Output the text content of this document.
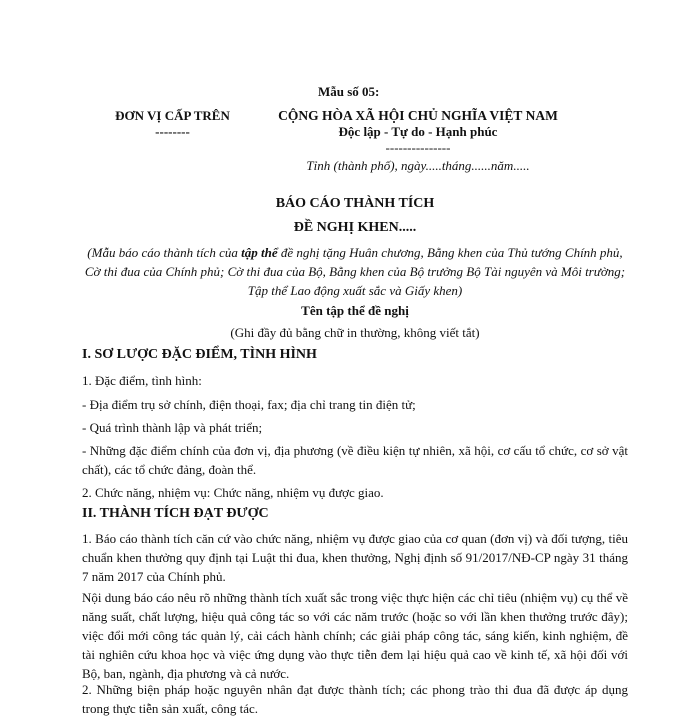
Mẫu số 05:
ĐƠN VỊ CẤP TRÊN
--------
CỘNG HÒA XÃ HỘI CHỦ NGHĨA VIỆT NAM
Độc lập - Tự do - Hạnh phúc
---------------
Tỉnh (thành phố), ngày.....tháng......năm.....
BÁO CÁO THÀNH TÍCH
ĐỀ NGHỊ KHEN.....
(Mẫu báo cáo thành tích của tập thể đề nghị tặng Huân chương, Bằng khen của Thủ tướng Chính phủ, Cờ thi đua của Chính phủ; Cờ thi đua của Bộ, Bằng khen của Bộ trưởng Bộ Tài nguyên và Môi trường; Tập thể Lao động xuất sắc và Giấy khen)
Tên tập thể đề nghị
(Ghi đầy đủ bằng chữ in thường, không viết tắt)
I. SƠ LƯỢC ĐẶC ĐIỂM, TÌNH HÌNH
1. Đặc điểm, tình hình:
- Địa điểm trụ sở chính, điện thoại, fax; địa chỉ trang tin điện tử;
- Quá trình thành lập và phát triển;
- Những đặc điểm chính của đơn vị, địa phương (về điều kiện tự nhiên, xã hội, cơ cấu tổ chức, cơ sở vật chất), các tổ chức đảng, đoàn thể.
2. Chức năng, nhiệm vụ: Chức năng, nhiệm vụ được giao.
II. THÀNH TÍCH ĐẠT ĐƯỢC
1. Báo cáo thành tích căn cứ vào chức năng, nhiệm vụ được giao của cơ quan (đơn vị) và đối tượng, tiêu chuẩn khen thưởng quy định tại Luật thi đua, khen thưởng, Nghị định số 91/2017/NĐ-CP ngày 31 tháng 7 năm 2017 của Chính phủ.
Nội dung báo cáo nêu rõ những thành tích xuất sắc trong việc thực hiện các chỉ tiêu (nhiệm vụ) cụ thể về năng suất, chất lượng, hiệu quả công tác so với các năm trước (hoặc so với lần khen thưởng trước đây); việc đổi mới công tác quản lý, cải cách hành chính; các giải pháp công tác, sáng kiến, kinh nghiệm, đề tài nghiên cứu khoa học và việc ứng dụng vào thực tiễn đem lại hiệu quả cao về kinh tế, xã hội đối với Bộ, ban, ngành, địa phương và cả nước.
2. Những biện pháp hoặc nguyên nhân đạt được thành tích; các phong trào thi đua đã được áp dụng trong thực tiễn sản xuất, công tác.
